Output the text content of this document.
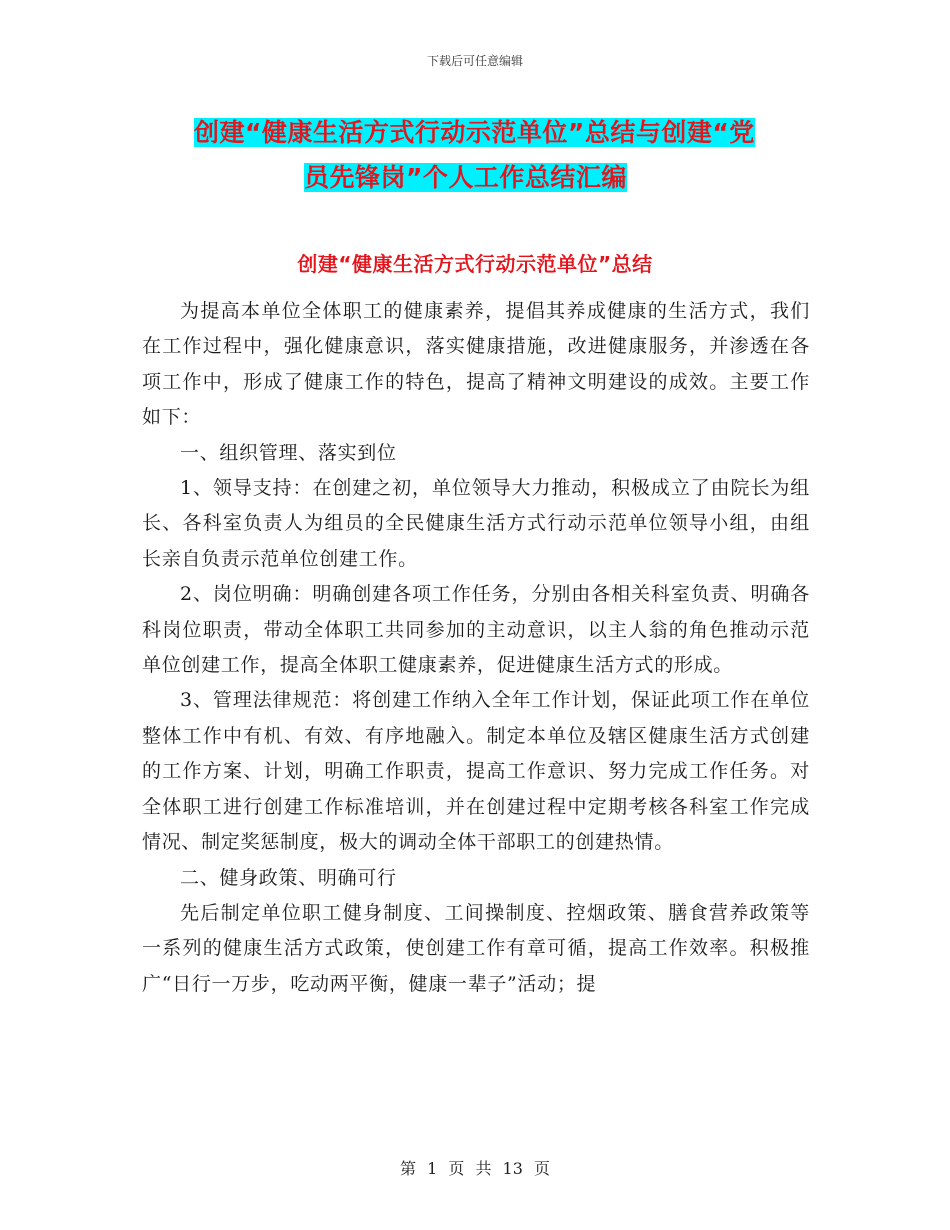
下载后可任意编辑
创建“健康生活方式行动示范单位”总结与创建“党
员先锋岗”个人工作总结汇编
创建“健康生活方式行动示范单位”总结

为提高本单位全体职工的健康素养，提倡其养成健康的生活方式，我们在工作过程中，强化健康意识，落实健康措施，改进健康服务，并渗透在各项工作中，形成了健康工作的特色，提高了精神文明建设的成效。主要工作如下：

一、组织管理、落实到位

1、领导支持：在创建之初，单位领导大力推动，积极成立了由院长为组长、各科室负责人为组员的全民健康生活方式行动示范单位领导小组，由组长亲自负责示范单位创建工作。

2、岗位明确：明确创建各项工作任务，分别由各相关科室负责、明确各科岗位职责，带动全体职工共同参加的主动意识，以主人翁的角色推动示范单位创建工作，提高全体职工健康素养，促进健康生活方式的形成。

3、管理法律规范：将创建工作纳入全年工作计划，保证此项工作在单位整体工作中有机、有效、有序地融入。制定本单位及辖区健康生活方式创建的工作方案、计划，明确工作职责，提高工作意识、努力完成工作任务。对全体职工进行创建工作标准培训，并在创建过程中定期考核各科室工作完成情况、制定奖惩制度，极大的调动全体干部职工的创建热情。

二、健身政策、明确可行

先后制定单位职工健身制度、工间操制度、控烟政策、膳食营养政策等一系列的健康生活方式政策，使创建工作有章可循，提高工作效率。积极推广“日行一万步，吃动两平衡，健康一辈子”活动；提

第 1 页 共 13 页
